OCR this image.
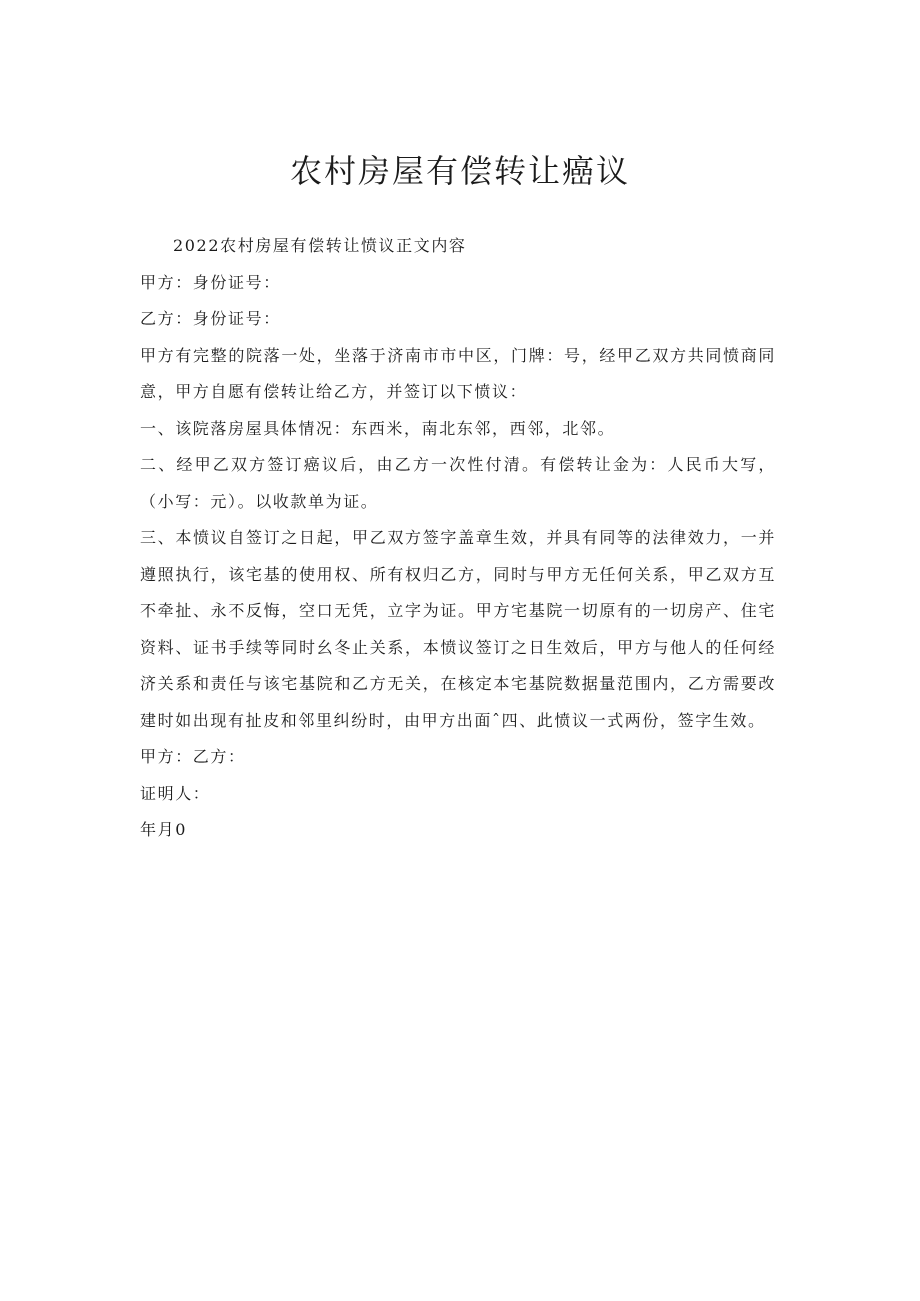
农村房屋有偿转让癌议

2022农村房屋有偿转让愤议正文内容

甲方：身份证号：

乙方：身份证号：

甲方有完整的院落一处，坐落于济南市市中区，门牌：号，经甲乙双方共同愤商同意，甲方自愿有偿转让给乙方，并签订以下愤议：

一、该院落房屋具体情况：东西米，南北东邻，西邻，北邻。

二、经甲乙双方签订癌议后，由乙方一次性付清。有偿转让金为：人民币大写，（小写：元）。以收款单为证。

三、本愤议自签订之日起，甲乙双方签字盖章生效，并具有同等的法律效力，一并遵照执行，该宅基的使用权、所有权归乙方，同时与甲方无任何关系，甲乙双方互不牵扯、永不反悔，空口无凭，立字为证。甲方宅基院一切原有的一切房产、住宅资料、证书手续等同时幺冬止关系，本愤议签订之日生效后，甲方与他人的任何经济关系和责任与该宅基院和乙方无关，在核定本宅基院数据量范围内，乙方需要改建时如出现有扯皮和邻里纠纷时，由甲方出面ˆ四、此愤议一式两份，签字生效。

甲方：乙方：

证明人：

年月0
